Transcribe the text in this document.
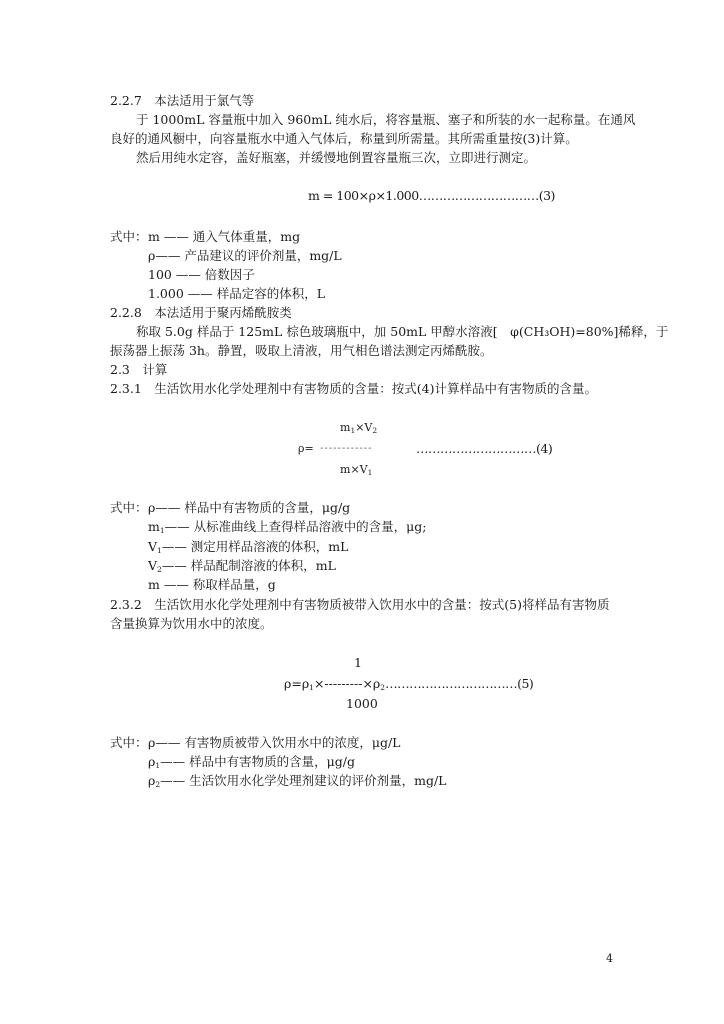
2.2.7　本法适用于氯气等
于 1000mL 容量瓶中加入 960mL 纯水后，将容量瓶、塞子和所装的水一起称量。在通风
良好的通风橱中，向容量瓶水中通入气体后，称量到所需量。其所需重量按(3)计算。
然后用纯水定容，盖好瓶塞，并缓慢地倒置容量瓶三次，立即进行测定。
m = 100×ρ×1.000…………………………(3)
式中： m —— 通入气体重量，mg
ρ—— 产品建议的评价剂量，mg/L
100 —— 倍数因子
1.000 —— 样品定容的体积，L
2.2.8　本法适用于聚丙烯酰胺类
称取 5.0g 样品于 125mL 棕色玻璃瓶中，加 50mL 甲醇水溶液[　φ(CH₃OH)=80%]稀释，于
振荡器上振荡 3h。静置，吸取上清液，用气相色谱法测定丙烯酰胺。
2.3　计算
2.3.1　生活饮用水化学处理剂中有害物质的含量：按式(4)计算样品中有害物质的含量。
$m_1\times V_2$
ρ= ------------	…………………………(4)
$m\times V_1$
式中： ρ—— 样品中有害物质的含量，μg/g
$m_1——$ 从标准曲线上查得样品溶液中的含量，μg;
$V_1——$ 测定用样品溶液的体积，mL
$V_2——$ 样品配制溶液的体积，mL
m —— 称取样品量，g
2.3.2　生活饮用水化学处理剂中有害物质被带入饮用水中的含量：按式(5)将样品有害物质
含量换算为饮用水中的浓度。
1
$\rho=\rho_1\times---------\times\rho_2\dots\dots\dots\dots\dots\dots\dots\dots\dots\dots\dots(5)$
1000
式中： ρ—— 有害物质被带入饮用水中的浓度，μg/L
$\rho_1——$ 样品中有害物质的含量，μg/g
$\rho_2——$ 生活饮用水化学处理剂建议的评价剂量，mg/L
4
